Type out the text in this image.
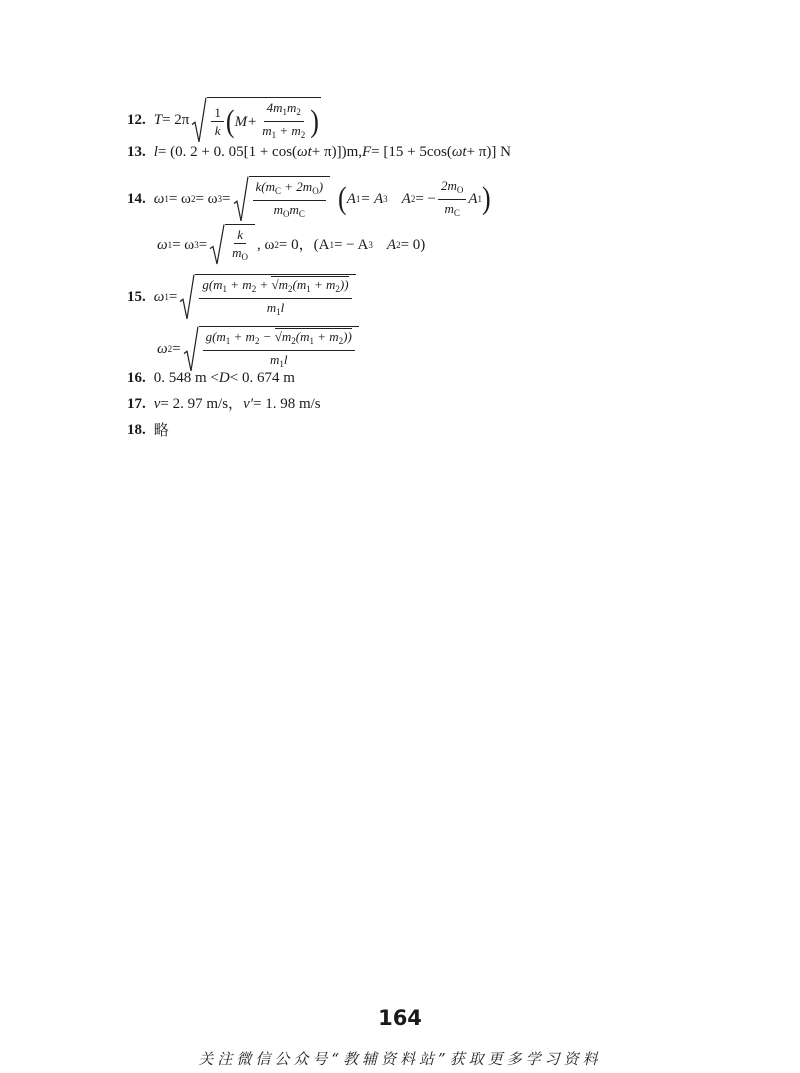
12. $T = 2\pi \frac{1}{k}$ ( $M+ \frac{4m_1m_2}{m_1 + m_2}$ )
13. l = (0. 2 + 0. 05[1 + cos( ωt + π)])m, F = [15 + 5cos( ωt + π)] N
14. ω 1 = ω 2 = ω $3 = \frac{k(m_C + 2m_O)}{m_Om_C}$ ( A 1 = A 3 A 2 = − $\frac{2m_O}{m_C}$ A 1 )
ω 1 = ω $3 = \frac{k}{m_O}$ , ω 2 = 0，(A 1 = − A 3 A 2 = 0)
15. ω $1 = \frac{g(m_1 + m_2 + √m_2(m_1 + m_2))}{m_1l}$
ω $2 = \frac{g(m_1 + m_2 - √m_2(m_1 + m_2))}{m_1l}$
16. 0. 548 m < D < 0. 674 m
17. v = 2. 97 m/s， v′ = 1. 98 m/s
18. 略
164
关注微信公众号“教辅资料站”获取更多学习资料
